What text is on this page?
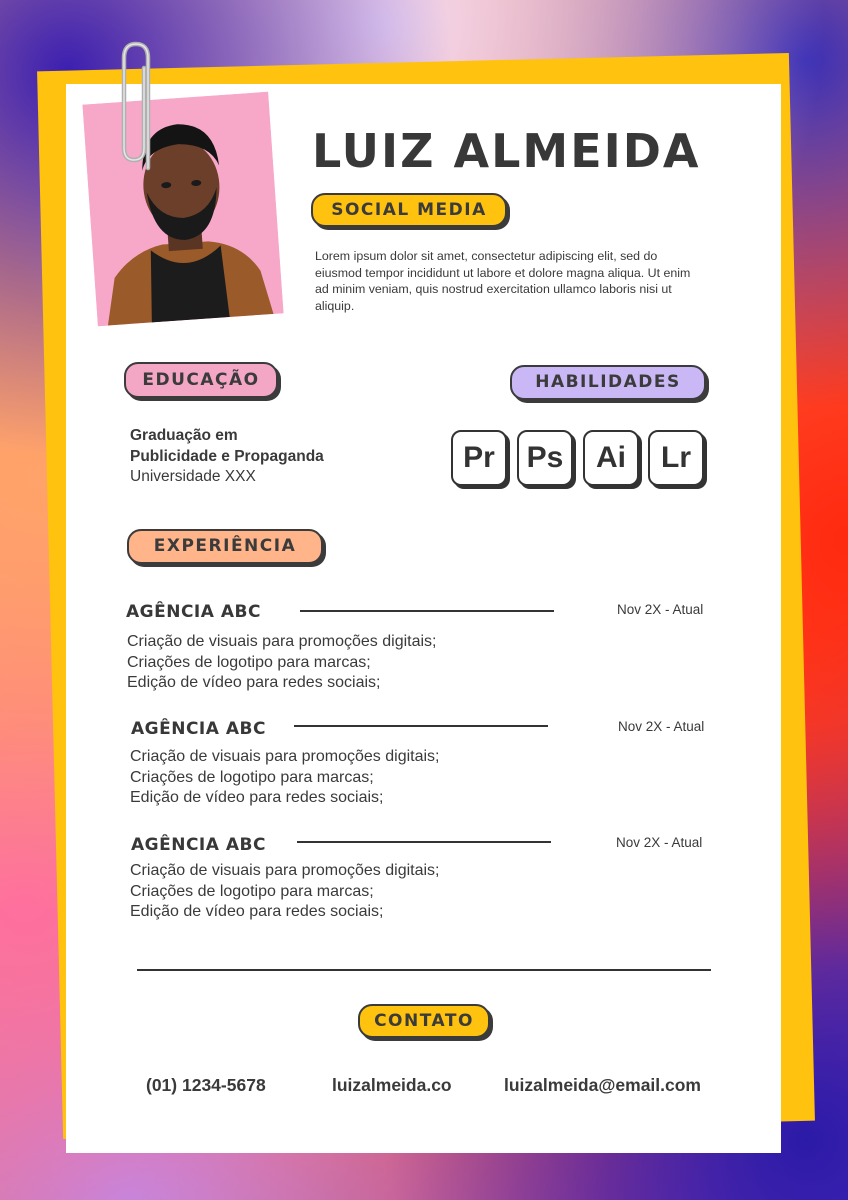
LUIZ ALMEIDA
SOCIAL MEDIA
Lorem ipsum dolor sit amet, consectetur adipiscing elit, sed do eiusmod tempor incididunt ut labore et dolore magna aliqua. Ut enim ad minim veniam, quis nostrud exercitation ullamco laboris nisi ut aliquip.
EDUCAÇÃO
Graduação em
Publicidade e Propaganda
Universidade XXX
HABILIDADES
Pr	Ps	Ai	Lr
EXPERIÊNCIA
AGÊNCIA ABC	Nov 2X - Atual
Criação de visuais para promoções digitais;
Criações de logotipo para marcas;
Edição de vídeo para redes sociais;
AGÊNCIA ABC	Nov 2X - Atual
Criação de visuais para promoções digitais;
Criações de logotipo para marcas;
Edição de vídeo para redes sociais;
AGÊNCIA ABC	Nov 2X - Atual
Criação de visuais para promoções digitais;
Criações de logotipo para marcas;
Edição de vídeo para redes sociais;
CONTATO
(01) 1234-5678	luizalmeida.co	luizalmeida@email.com
